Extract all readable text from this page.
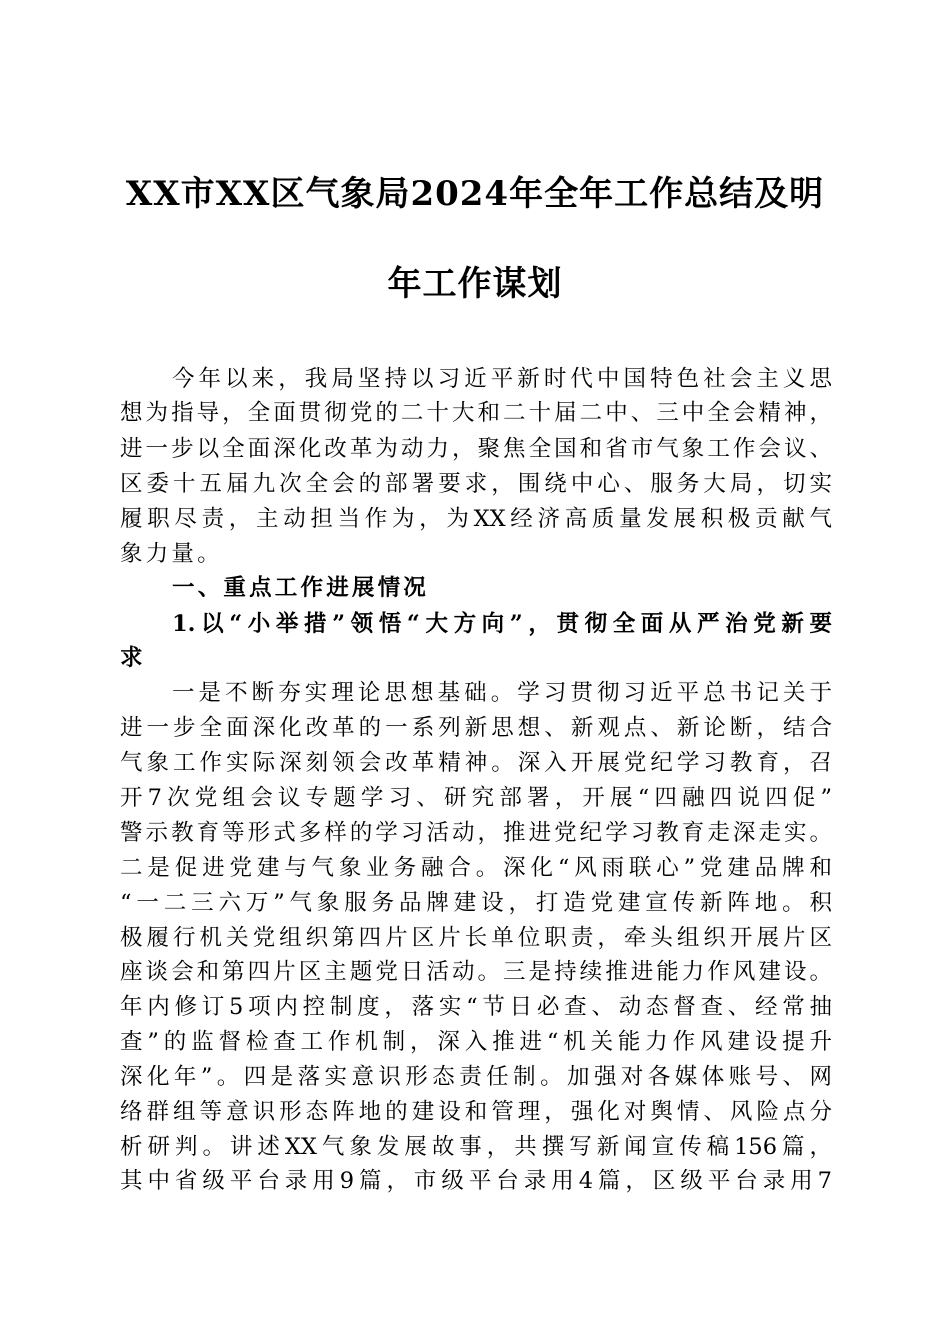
XX市XX区气象局2024年全年工作总结及明
年工作谋划
今年以来，我局坚持以习近平新时代中国特色社会主义思
想为指导，全面贯彻党的二十大和二十届二中、三中全会精神，
进一步以全面深化改革为动力，聚焦全国和省市气象工作会议、
区委十五届九次全会的部署要求，围绕中心、服务大局，切实
履职尽责，主动担当作为，为XX经济高质量发展积极贡献气
象力量。
一、重点工作进展情况
1.以“小举措”领悟“大方向”，贯彻全面从严治党新要
求
一是不断夯实理论思想基础。学习贯彻习近平总书记关于
进一步全面深化改革的一系列新思想、新观点、新论断，结合
气象工作实际深刻领会改革精神。深入开展党纪学习教育，召
开7次党组会议专题学习、研究部署，开展“四融四说四促”
警示教育等形式多样的学习活动，推进党纪学习教育走深走实。
二是促进党建与气象业务融合。深化“风雨联心”党建品牌和
“一二三六万”气象服务品牌建设，打造党建宣传新阵地。积
极履行机关党组织第四片区片长单位职责，牵头组织开展片区
座谈会和第四片区主题党日活动。三是持续推进能力作风建设。
年内修订5项内控制度，落实“节日必查、动态督查、经常抽
查”的监督检查工作机制，深入推进“机关能力作风建设提升
深化年”。四是落实意识形态责任制。加强对各媒体账号、网
络群组等意识形态阵地的建设和管理，强化对舆情、风险点分
析研判。讲述XX气象发展故事，共撰写新闻宣传稿156篇，
其中省级平台录用9篇，市级平台录用4篇，区级平台录用7
